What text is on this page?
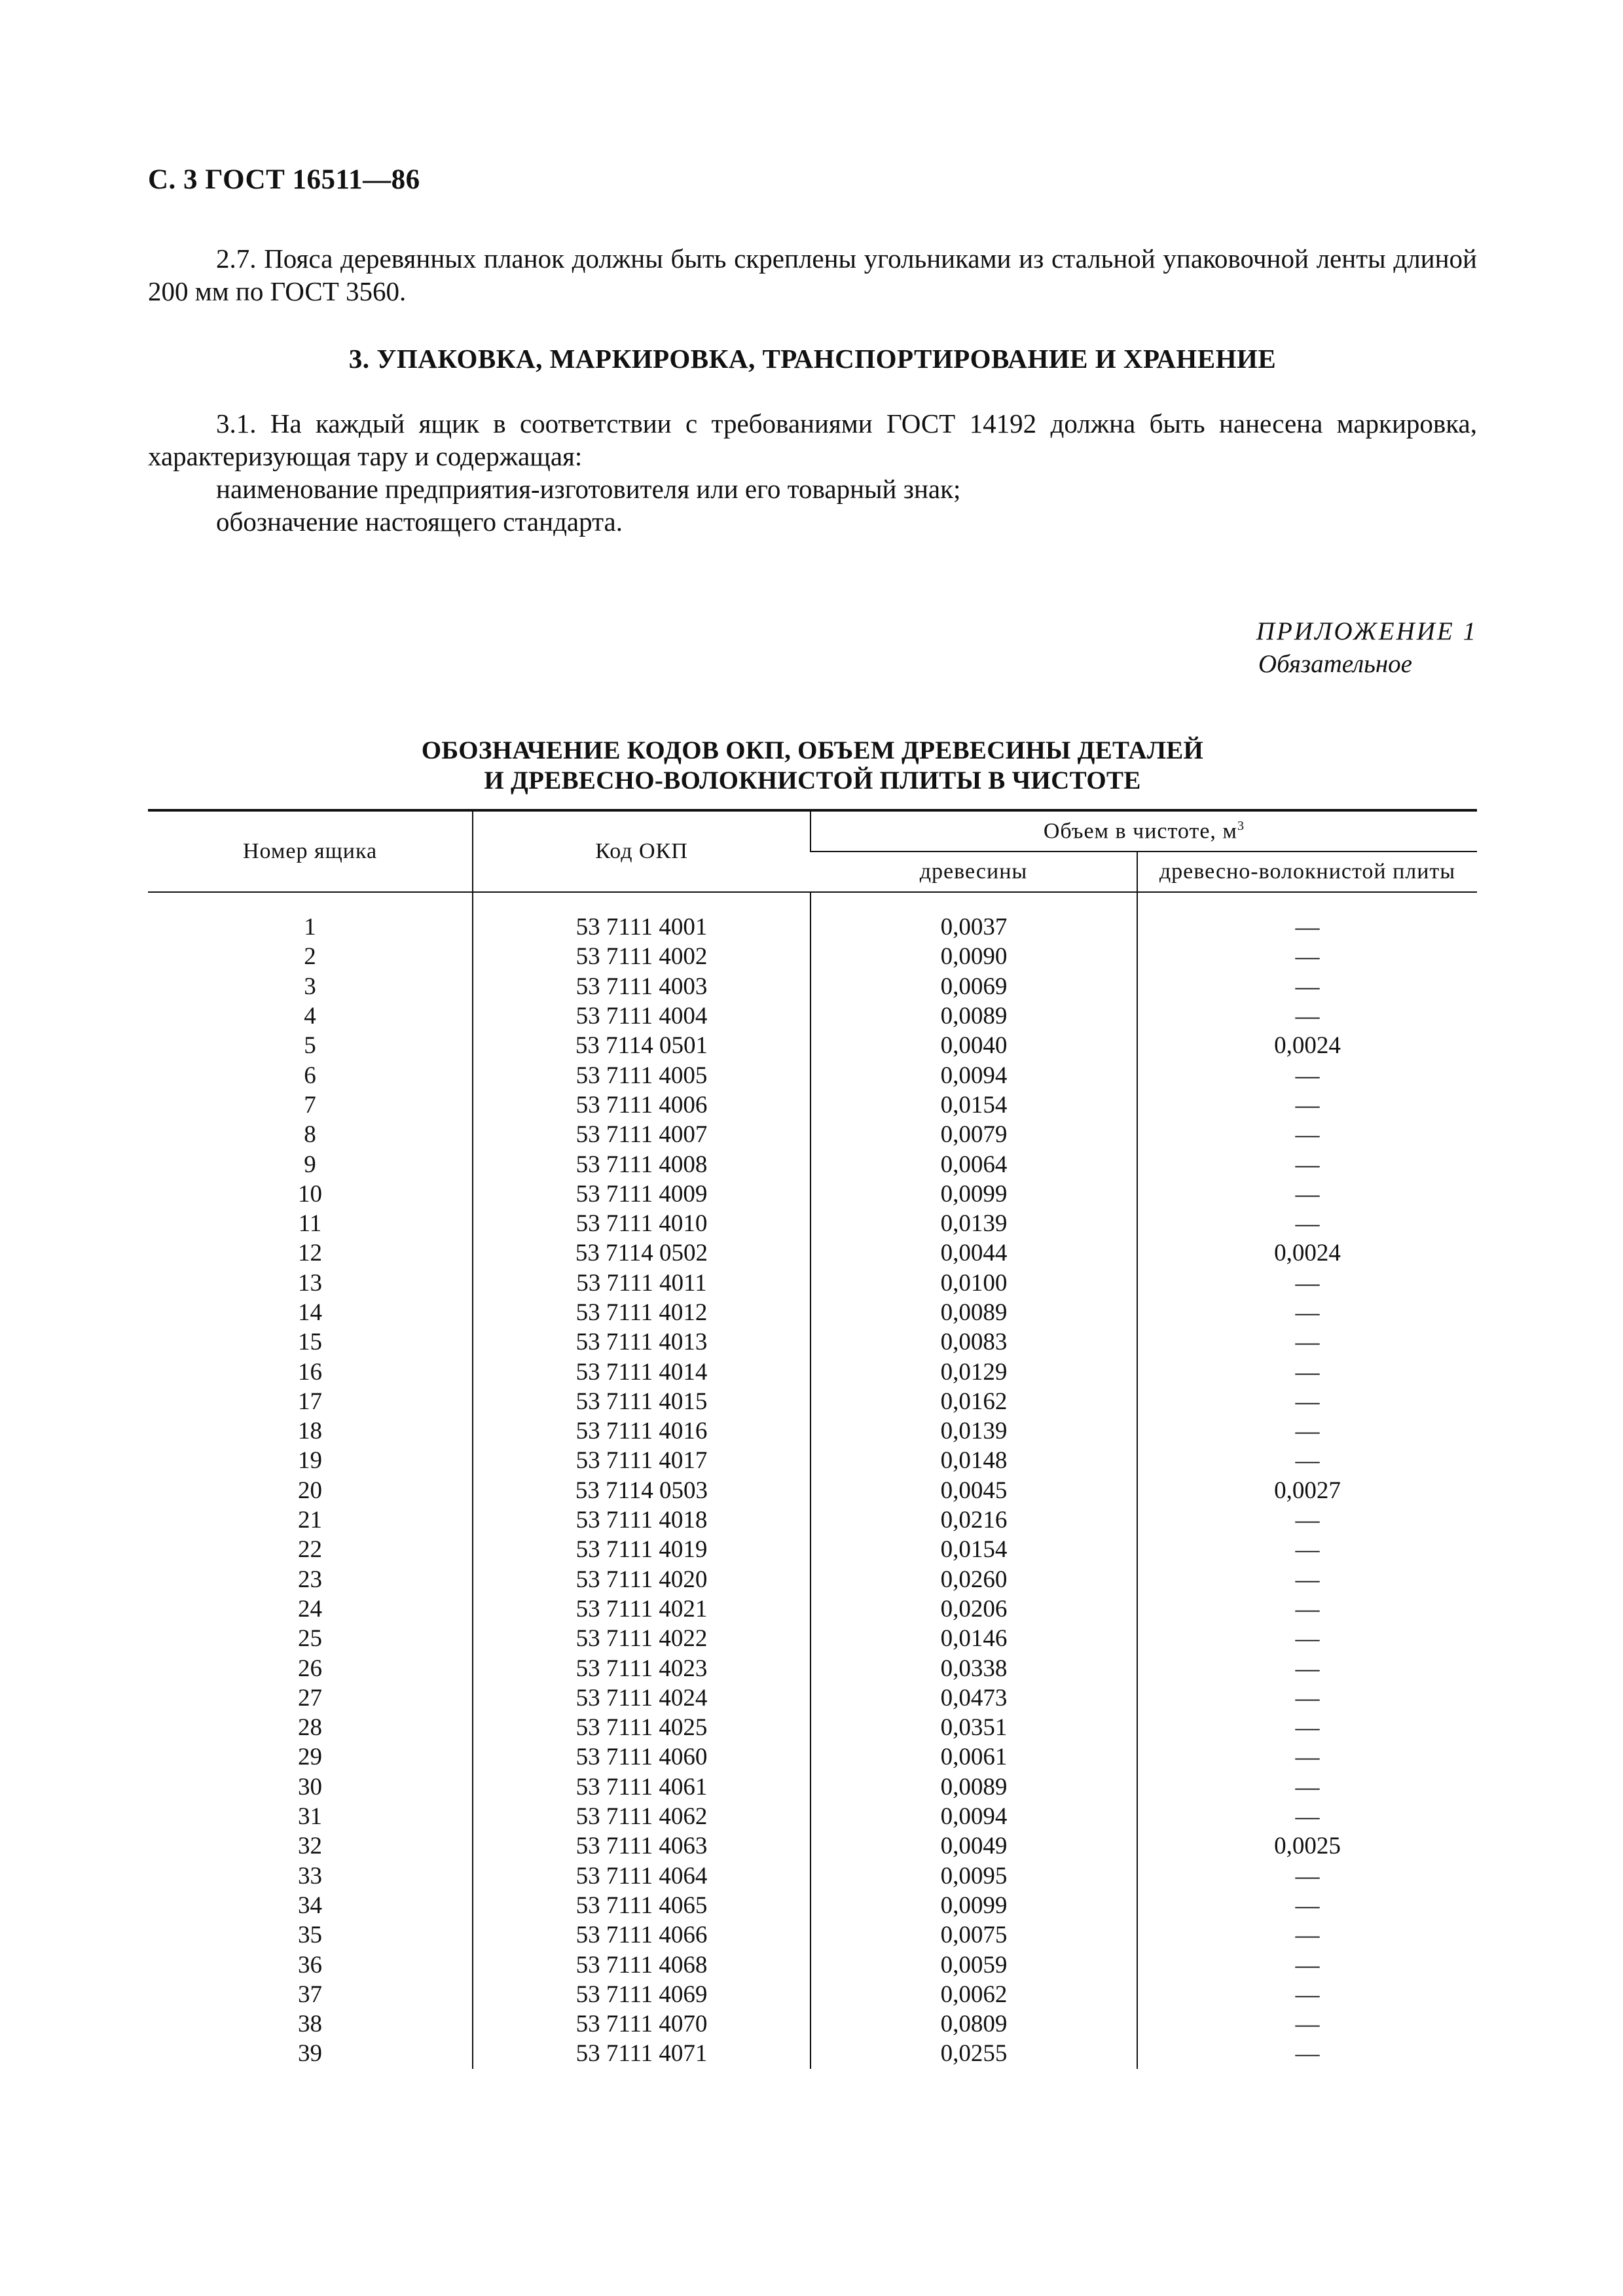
С. 3 ГОСТ 16511—86
2.7. Пояса деревянных планок должны быть скреплены угольниками из стальной упаковочной ленты длиной 200 мм по ГОСТ 3560.
3. УПАКОВКА, МАРКИРОВКА, ТРАНСПОРТИРОВАНИЕ И ХРАНЕНИЕ
3.1. На каждый ящик в соответствии с требованиями ГОСТ 14192 должна быть нанесена маркировка, характеризующая тару и содержащая:
наименование предприятия-изготовителя или его товарный знак;
обозначение настоящего стандарта.
ПРИЛОЖЕНИЕ 1
Обязательное
ОБОЗНАЧЕНИЕ КОДОВ ОКП, ОБЪЕМ ДРЕВЕСИНЫ ДЕТАЛЕЙ
И ДРЕВЕСНО-ВОЛОКНИСТОЙ ПЛИТЫ В ЧИСТОТЕ
Номер ящика	Код ОКП	Объем в чистоте, $м^3$
		древесины	древесно-волокнистой плиты

1	53 7111 4001	0,0037	—
2	53 7111 4002	0,0090	—
3	53 7111 4003	0,0069	—
4	53 7111 4004	0,0089	—
5	53 7114 0501	0,0040	0,0024
6	53 7111 4005	0,0094	—
7	53 7111 4006	0,0154	—
8	53 7111 4007	0,0079	—
9	53 7111 4008	0,0064	—
10	53 7111 4009	0,0099	—
11	53 7111 4010	0,0139	—
12	53 7114 0502	0,0044	0,0024
13	53 7111 4011	0,0100	—
14	53 7111 4012	0,0089	—
15	53 7111 4013	0,0083	—
16	53 7111 4014	0,0129	—
17	53 7111 4015	0,0162	—
18	53 7111 4016	0,0139	—
19	53 7111 4017	0,0148	—
20	53 7114 0503	0,0045	0,0027
21	53 7111 4018	0,0216	—
22	53 7111 4019	0,0154	—
23	53 7111 4020	0,0260	—
24	53 7111 4021	0,0206	—
25	53 7111 4022	0,0146	—
26	53 7111 4023	0,0338	—
27	53 7111 4024	0,0473	—
28	53 7111 4025	0,0351	—
29	53 7111 4060	0,0061	—
30	53 7111 4061	0,0089	—
31	53 7111 4062	0,0094	—
32	53 7111 4063	0,0049	0,0025
33	53 7111 4064	0,0095	—
34	53 7111 4065	0,0099	—
35	53 7111 4066	0,0075	—
36	53 7111 4068	0,0059	—
37	53 7111 4069	0,0062	—
38	53 7111 4070	0,0809	—
39	53 7111 4071	0,0255	—
